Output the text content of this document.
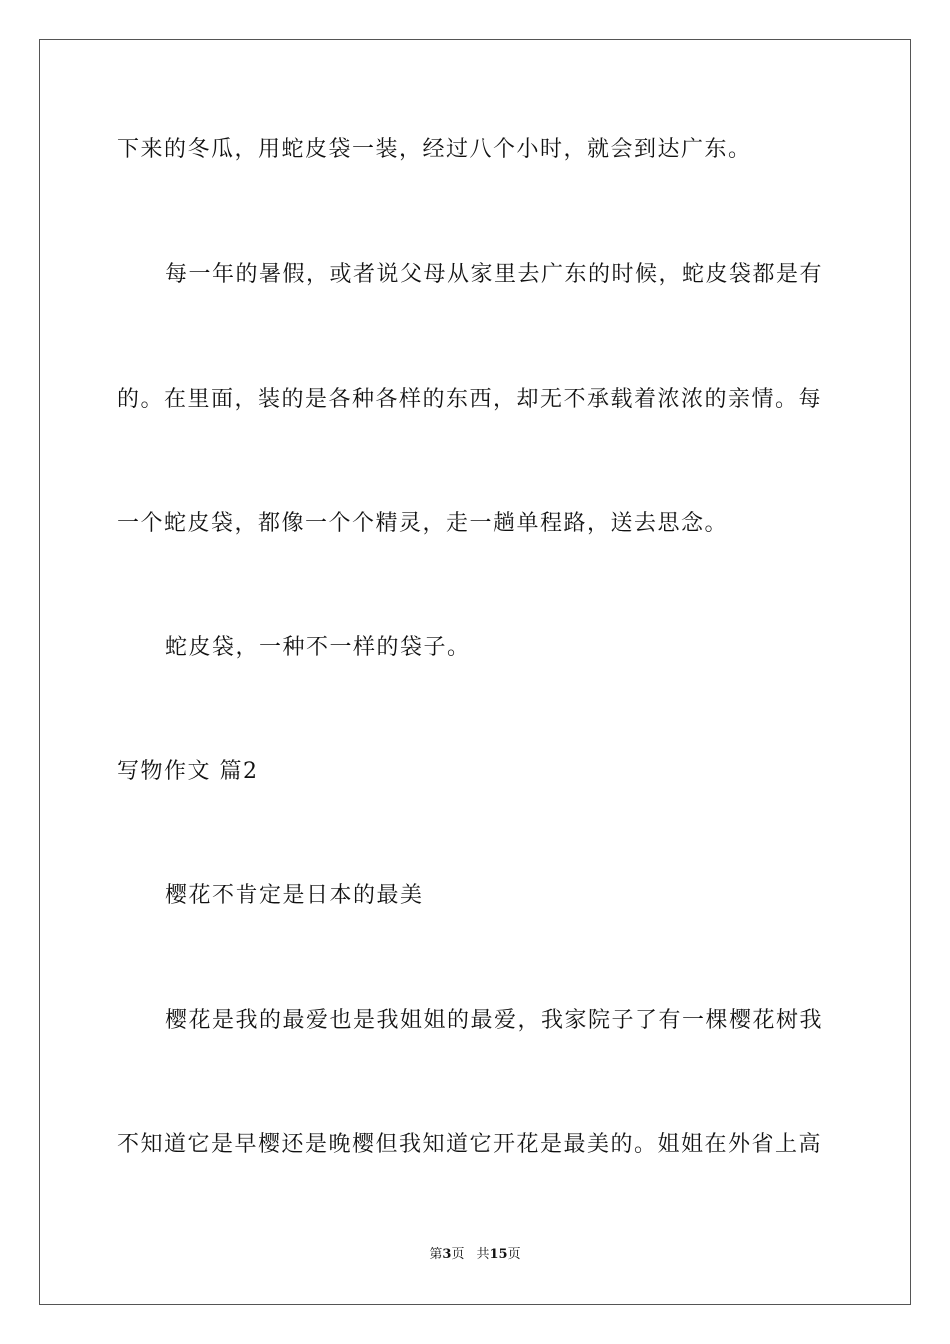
下来的冬瓜，用蛇皮袋一装，经过八个小时，就会到达广东。
每一年的暑假，或者说父母从家里去广东的时候，蛇皮袋都是有
的。在里面，装的是各种各样的东西，却无不承载着浓浓的亲情。每
一个蛇皮袋，都像一个个精灵，走一趟单程路，送去思念。
蛇皮袋，一种不一样的袋子。
写物作文 篇2
樱花不肯定是日本的最美
樱花是我的最爱也是我姐姐的最爱，我家院子了有一棵樱花树我
不知道它是早樱还是晚樱但我知道它开花是最美的。姐姐在外省上高
第3页 共15页
